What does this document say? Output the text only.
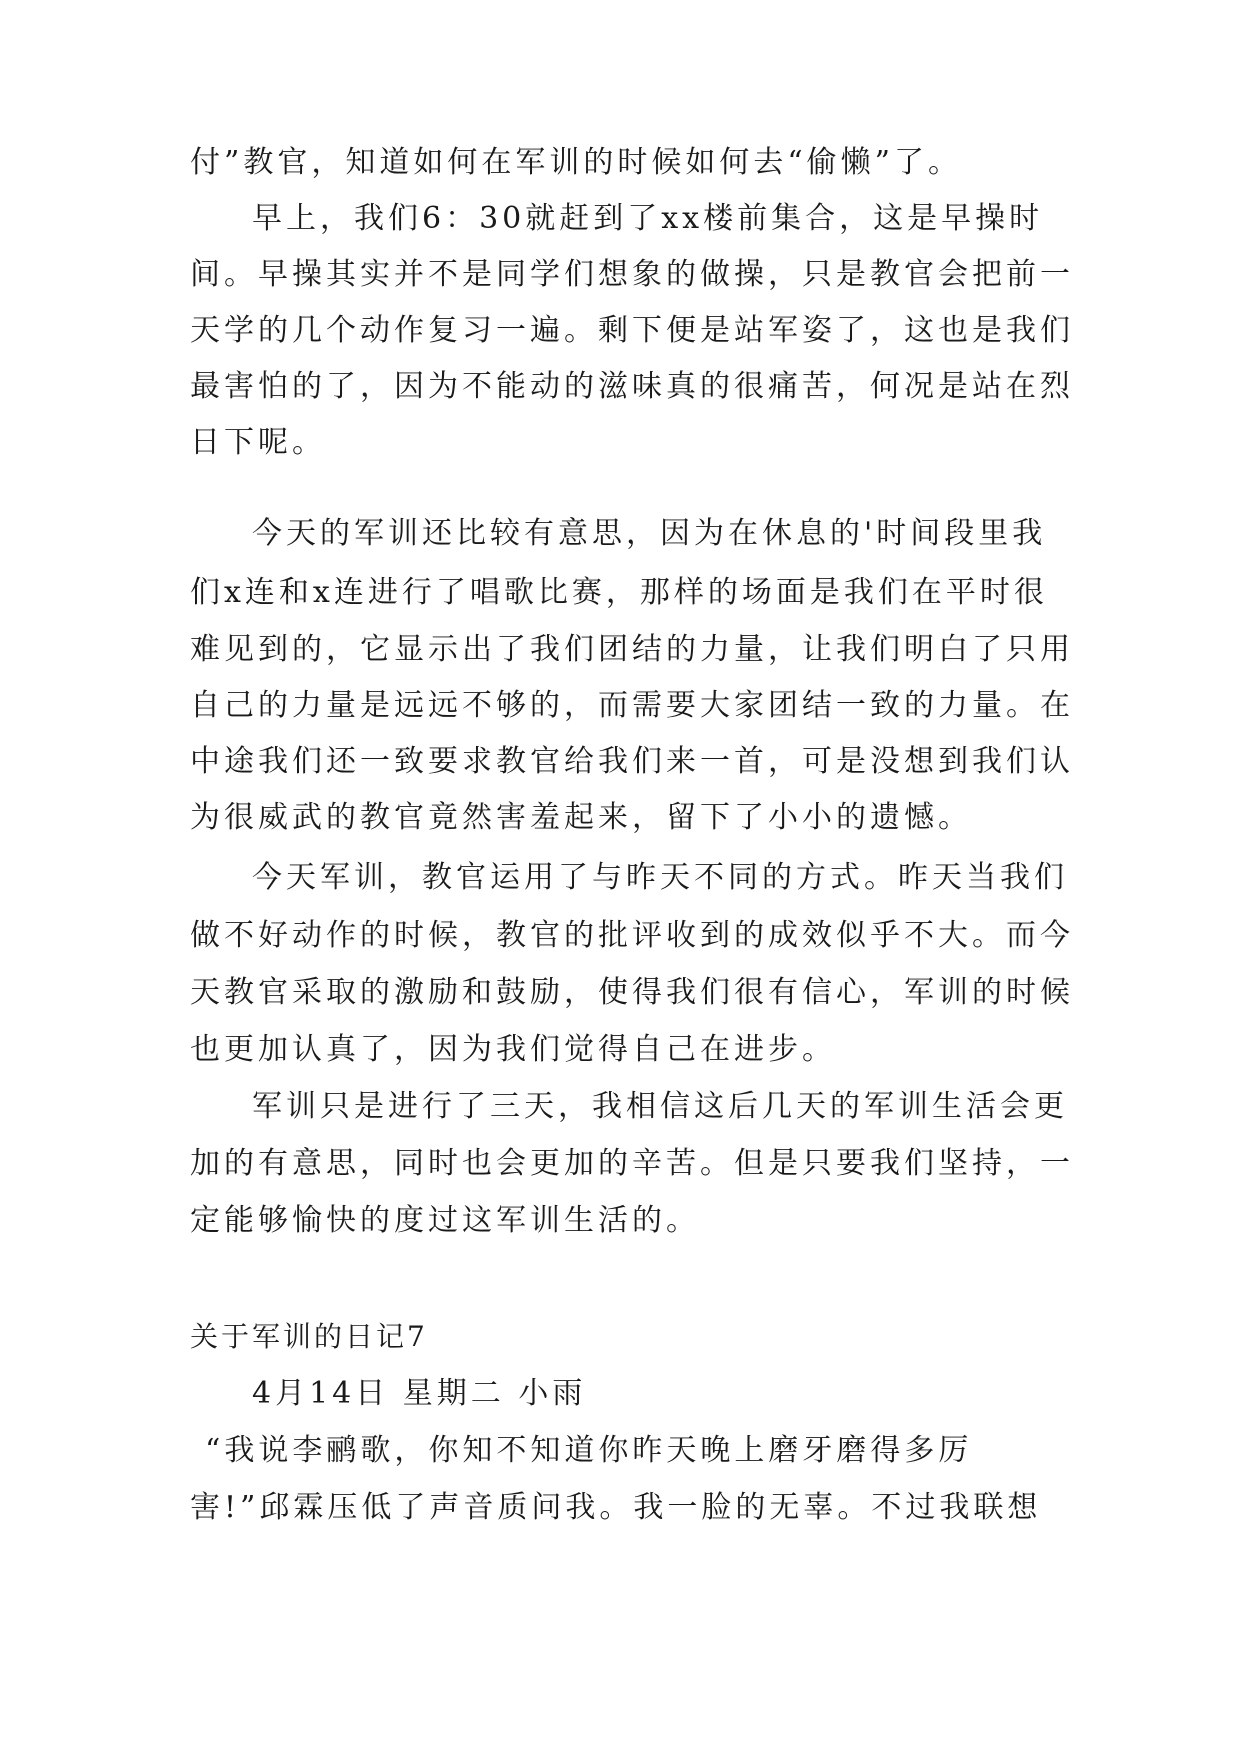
付”教官，知道如何在军训的时候如何去“偷懒”了。
早上，我们6：30就赶到了xx楼前集合，这是早操时
间。早操其实并不是同学们想象的做操，只是教官会把前一
天学的几个动作复习一遍。剩下便是站军姿了，这也是我们
最害怕的了，因为不能动的滋味真的很痛苦，何况是站在烈
日下呢。
今天的军训还比较有意思，因为在休息的'时间段里我
们x连和x连进行了唱歌比赛，那样的场面是我们在平时很
难见到的，它显示出了我们团结的力量，让我们明白了只用
自己的力量是远远不够的，而需要大家团结一致的力量。在
中途我们还一致要求教官给我们来一首，可是没想到我们认
为很威武的教官竟然害羞起来，留下了小小的遗憾。
今天军训，教官运用了与昨天不同的方式。昨天当我们
做不好动作的时候，教官的批评收到的成效似乎不大。而今
天教官采取的激励和鼓励，使得我们很有信心，军训的时候
也更加认真了，因为我们觉得自己在进步。
军训只是进行了三天，我相信这后几天的军训生活会更
加的有意思，同时也会更加的辛苦。但是只要我们坚持，一
定能够愉快的度过这军训生活的。
关于军训的日记7
4月14日 星期二 小雨
“我说李鹂歌，你知不知道你昨天晚上磨牙磨得多厉
害!”邱霖压低了声音质问我。我一脸的无辜。不过我联想
